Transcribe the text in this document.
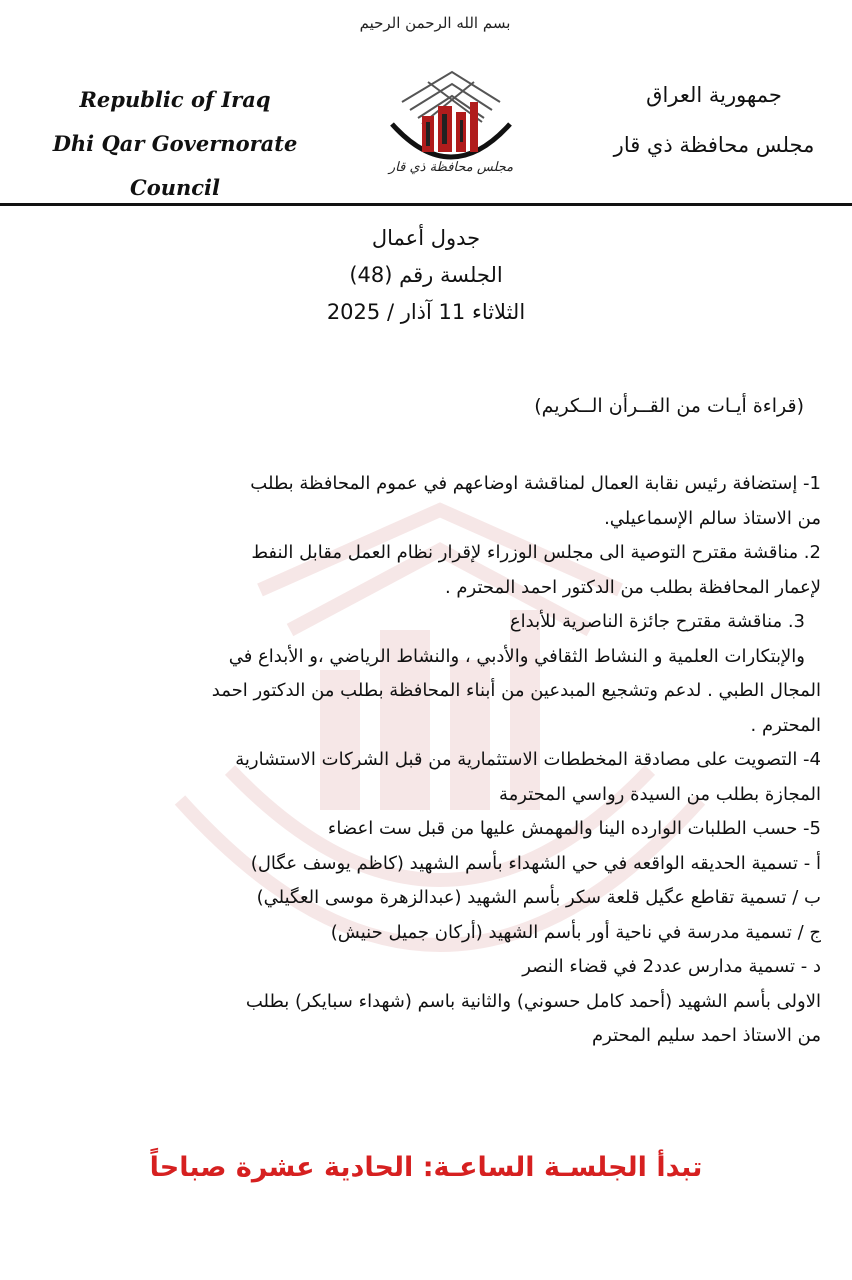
بسم الله الرحمن الرحيم
Republic of Iraq
Dhi Qar Governorate Council
مجلس محافظة ذي قار
جمهورية العراق
مجلس محافظة ذي قار
جدول أعمال
الجلسة رقم (48)
الثلاثاء 11 آذار / 2025
(قراءة أيـات من القــرأن الــكريم)

1- إستضافة رئيس نقابة العمال لمناقشة اوضاعهم في عموم المحافظة بطلب

من الاستاذ سالم الإسماعيلي.

2. مناقشة مقترح التوصية الى مجلس الوزراء لإقرار نظام العمل مقابل النفط

لإعمار المحافظة بطلب من الدكتور احمد المحترم .

3. مناقشة مقترح جائزة الناصرية للأبداع

والإبتكارات العلمية و النشاط الثقافي والأدبي ، والنشاط الرياضي ،و الأبداع في

المجال الطبي . لدعم وتشجيع المبدعين من أبناء المحافظة بطلب من الدكتور احمد

المحترم .

4- التصويت على مصادقة المخططات الاستثمارية من قبل الشركات الاستشارية

المجازة بطلب من السيدة رواسي المحترمة

5- حسب الطلبات الوارده الينا والمهمش عليها من قبل ست اعضاء

أ - تسمية الحديقه الواقعه في حي الشهداء بأسم الشهيد (كاظم يوسف عگال)

ب / تسمية تقاطع عگيل قلعة سكر بأسم الشهيد (عبدالزهرة موسى العگيلي)

ج / تسمية مدرسة في ناحية أور بأسم الشهيد (أركان جميل حنيش)

د - تسمية مدارس عدد2 في قضاء النصر

الاولى بأسم الشهيد (أحمد كامل حسوني) والثانية باسم (شهداء سبايكر) بطلب

من الاستاذ احمد سليم المحترم

تبدأ الجلسـة الساعـة: الحادية عشرة صباحاً
